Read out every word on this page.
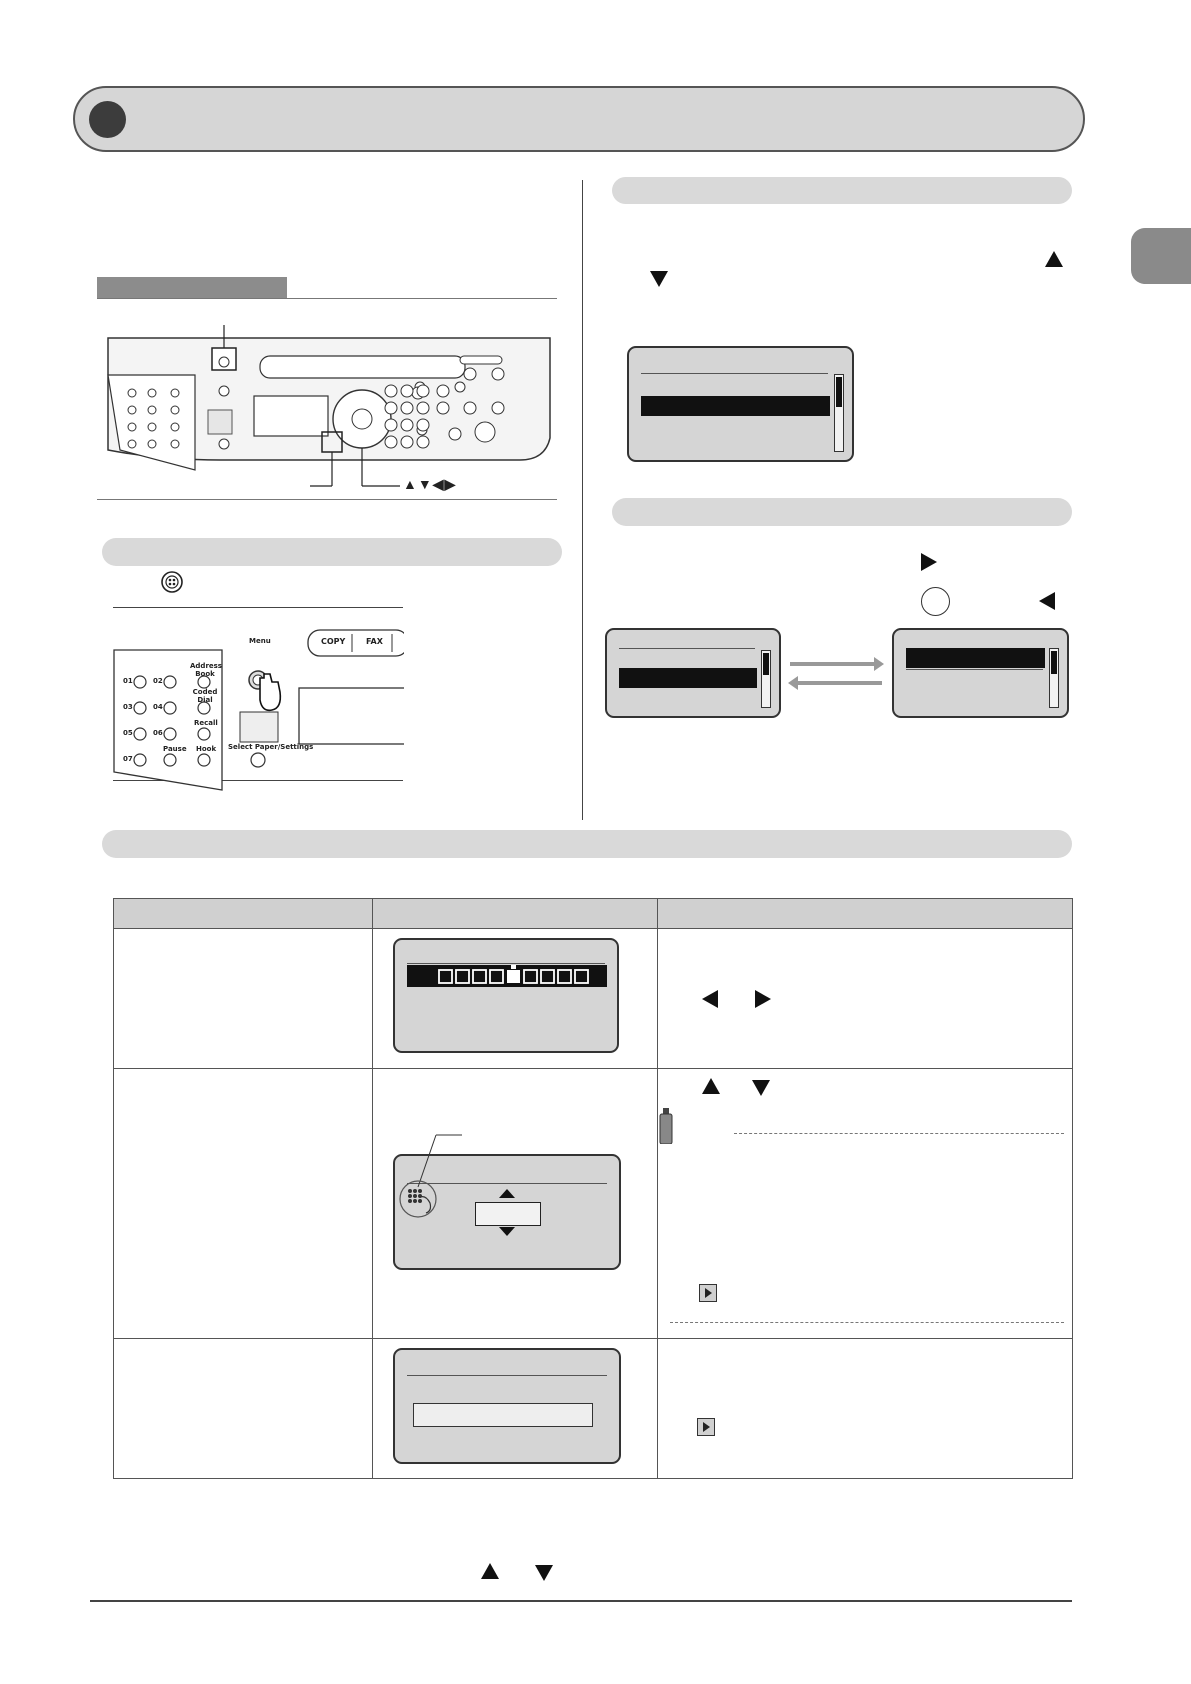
▲▼◀▶
Menu
Address Book
Coded Dial
Recall
Pause Hook Select Paper/Settings
COPY	FAX
01	02
03	04
05	06
07
